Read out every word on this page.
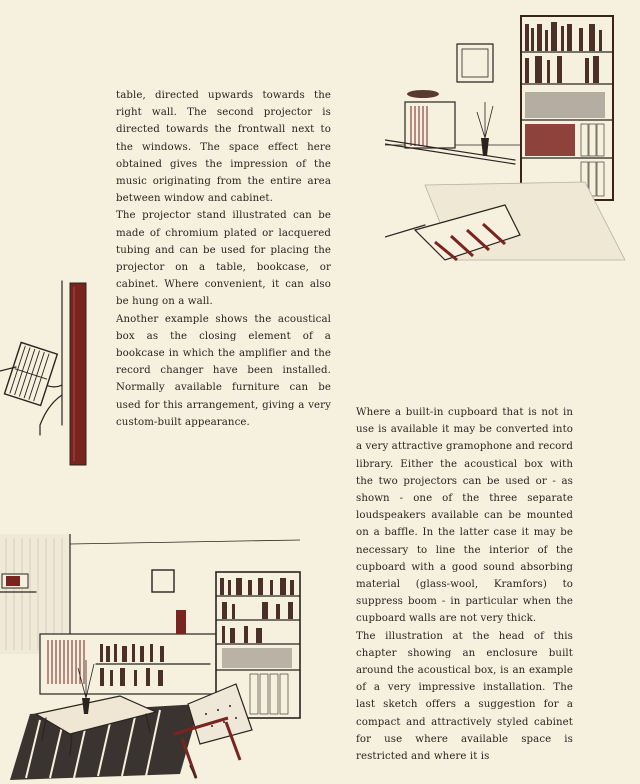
table, directed upwards towards the right wall. The second projector is directed towards the frontwall next to the windows. The space effect here obtained gives the impression of the music originating from the entire area between window and cabinet.

The projector stand illustrated can be made of chromium plated or lacquered tubing and can be used for placing the projector on a table, bookcase, or cabinet. Where convenient, it can also be hung on a wall.

Another example shows the acoustical box as the closing element of a bookcase in which the amplifier and the record changer have been installed. Normally available furniture can be used for this arrangement, giving a very custom-built appearance.

Where a built-in cupboard that is not in use is available it may be converted into a very attractive gramophone and record library. Either the acoustical box with the two projectors can be used or - as shown - one of the three separate loudspeakers available can be mounted on a baffle. In the latter case it may be necessary to line the interior of the cupboard with a good sound absorbing material (glass-wool, Kramfors) to suppress boom - in particular when the cupboard walls are not very thick.

The illustration at the head of this chapter showing an enclosure built around the acoustical box, is an example of a very impressive installation. The last sketch offers a suggestion for a compact and attractively styled cabinet for use where available space is restricted and where it is
